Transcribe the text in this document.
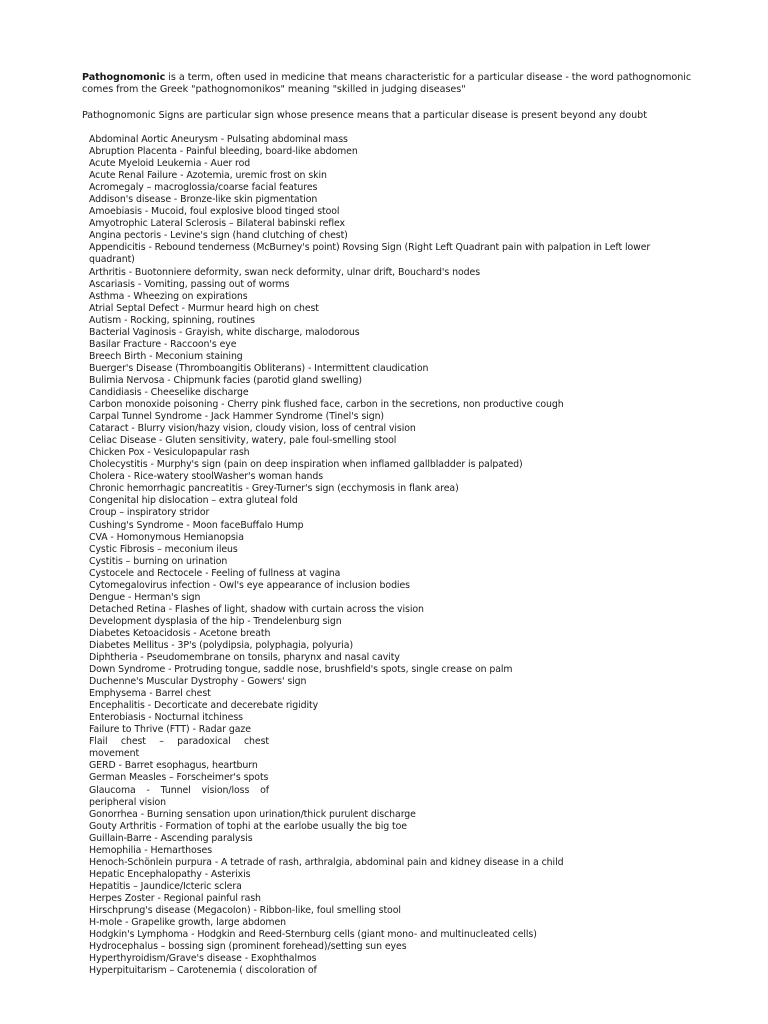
Pathognomonic is a term, often used in medicine that means characteristic for a particular disease - the word pathognomonic comes from the Greek "pathognomonikos" meaning "skilled in judging diseases"
Pathognomonic Signs are particular sign whose presence means that a particular disease is present beyond any doubt
Abdominal Aortic Aneurysm - Pulsating abdominal mass
Abruption Placenta - Painful bleeding, board-like abdomen
Acute Myeloid Leukemia - Auer rod
Acute Renal Failure - Azotemia, uremic frost on skin
Acromegaly – macroglossia/coarse facial features
Addison's disease - Bronze-like skin pigmentation
Amoebiasis - Mucoid, foul explosive blood tinged stool
Amyotrophic Lateral Sclerosis – Bilateral babinski reflex
Angina pectoris - Levine's sign (hand clutching of chest)
Appendicitis - Rebound tenderness (McBurney's point) Rovsing Sign (Right Left Quadrant pain with palpation in Left lower quadrant)
Arthritis - Buotonniere deformity, swan neck deformity, ulnar drift, Bouchard's nodes
Ascariasis - Vomiting, passing out of worms
Asthma - Wheezing on expirations
Atrial Septal Defect - Murmur heard high on chest
Autism - Rocking, spinning, routines
Bacterial Vaginosis - Grayish, white discharge, malodorous
Basilar Fracture - Raccoon's eye
Breech Birth - Meconium staining
Buerger's Disease (Thromboangitis Obliterans) - Intermittent claudication
Bulimia Nervosa - Chipmunk facies (parotid gland swelling)
Candidiasis - Cheeselike discharge
Carbon monoxide poisoning - Cherry pink flushed face, carbon in the secretions, non productive cough
Carpal Tunnel Syndrome - Jack Hammer Syndrome (Tinel's sign)
Cataract - Blurry vision/hazy vision, cloudy vision, loss of central vision
Celiac Disease - Gluten sensitivity, watery, pale foul-smelling stool
Chicken Pox - Vesiculopapular rash
Cholecystitis - Murphy's sign (pain on deep inspiration when inflamed gallbladder is palpated)
Cholera - Rice-watery stoolWasher's woman hands
Chronic hemorrhagic pancreatitis - Grey-Turner's sign (ecchymosis in flank area)
Congenital hip dislocation – extra gluteal fold
Croup – inspiratory stridor
Cushing's Syndrome - Moon faceBuffalo Hump
CVA - Homonymous Hemianopsia
Cystic Fibrosis – meconium ileus
Cystitis – burning on urination
Cystocele and Rectocele - Feeling of fullness at vagina
Cytomegalovirus infection - Owl's eye appearance of inclusion bodies
Dengue - Herman's sign
Detached Retina - Flashes of light, shadow with curtain across the vision
Development dysplasia of the hip - Trendelenburg sign
Diabetes Ketoacidosis - Acetone breath
Diabetes Mellitus - 3P's (polydipsia, polyphagia, polyuria)
Diphtheria - Pseudomembrane on tonsils, pharynx and nasal cavity
Down Syndrome - Protruding tongue, saddle nose, brushfield's spots, single crease on palm
Duchenne's Muscular Dystrophy - Gowers' sign
Emphysema - Barrel chest
Encephalitis - Decorticate and decerebate rigidity
Enterobiasis - Nocturnal itchiness
Failure to Thrive (FTT) - Radar gaze
Flail chest – paradoxical chest movement
GERD - Barret esophagus, heartburn
German Measles – Forscheimer's spots
Glaucoma - Tunnel vision/loss of peripheral vision
Gonorrhea - Burning sensation upon urination/thick purulent discharge
Gouty Arthritis - Formation of tophi at the earlobe usually the big toe
Guillain-Barre - Ascending paralysis
Hemophilia - Hemarthoses
Henoch-Schönlein purpura - A tetrade of rash, arthralgia, abdominal pain and kidney disease in a child
Hepatic Encephalopathy - Asterixis
Hepatitis – Jaundice/Icteric sclera
Herpes Zoster - Regional painful rash
Hirschprung's disease (Megacolon) - Ribbon-like, foul smelling stool
H-mole - Grapelike growth, large abdomen
Hodgkin's Lymphoma - Hodgkin and Reed-Sternburg cells (giant mono- and multinucleated cells)
Hydrocephalus – bossing sign (prominent forehead)/setting sun eyes
Hyperthyroidism/Grave's disease - Exophthalmos
Hyperpituitarism – Carotenemia ( discoloration of
